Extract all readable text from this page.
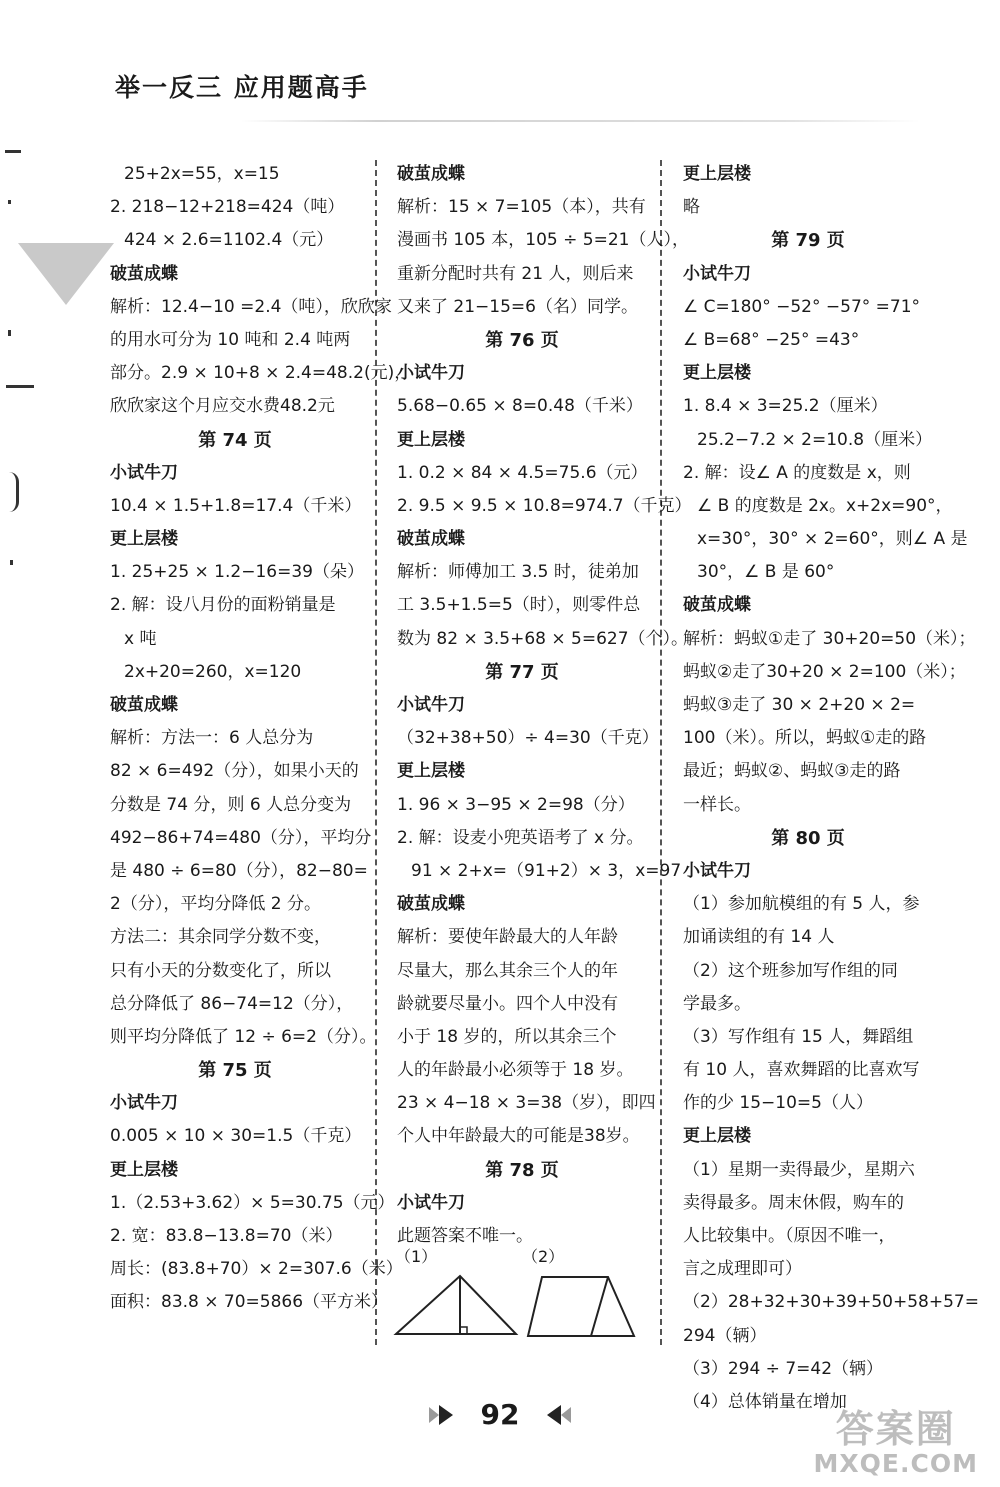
举一反三 应用题高手
25+2x=55，x=15
2. 218−12+218=424（吨）
424 × 2.6=1102.4（元）
破茧成蝶
解析：12.4−10 =2.4（吨），欣欣家
的用水可分为 10 吨和 2.4 吨两
部分。2.9 × 10+8 × 2.4=48.2(元)，
欣欣家这个月应交水费48.2元
第 74 页
小试牛刀
10.4 × 1.5+1.8=17.4（千米）
更上层楼
1. 25+25 × 1.2−16=39（朵）
2. 解：设八月份的面粉销量是
x 吨
2x+20=260，x=120
破茧成蝶
解析：方法一：6 人总分为
82 × 6=492（分），如果小天的
分数是 74 分，则 6 人总分变为
492−86+74=480（分），平均分
是 480 ÷ 6=80（分），82−80=
2（分），平均分降低 2 分。
方法二：其余同学分数不变，
只有小天的分数变化了，所以
总分降低了 86−74=12（分），
则平均分降低了 12 ÷ 6=2（分）。
第 75 页
小试牛刀
0.005 × 10 × 30=1.5（千克）
更上层楼
1.（2.53+3.62）× 5=30.75（元）
2. 宽：83.8−13.8=70（米）
周长：(83.8+70）× 2=307.6（米）
面积：83.8 × 70=5866（平方米）
破茧成蝶
解析：15 × 7=105（本），共有
漫画书 105 本，105 ÷ 5=21（人），
重新分配时共有 21 人，则后来
又来了 21−15=6（名）同学。
第 76 页
小试牛刀
5.68−0.65 × 8=0.48（千米）
更上层楼
1. 0.2 × 84 × 4.5=75.6（元）
2. 9.5 × 9.5 × 10.8=974.7（千克）
破茧成蝶
解析：师傅加工 3.5 时，徒弟加
工 3.5+1.5=5（时），则零件总
数为 82 × 3.5+68 × 5=627（个）。
第 77 页
小试牛刀
（32+38+50）÷ 4=30（千克）
更上层楼
1. 96 × 3−95 × 2=98（分）
2. 解：设麦小兜英语考了 x 分。
91 × 2+x=（91+2）× 3，x=97
破茧成蝶
解析：要使年龄最大的人年龄
尽量大，那么其余三个人的年
龄就要尽量小。四个人中没有
小于 18 岁的，所以其余三个
人的年龄最小必须等于 18 岁。
23 × 4−18 × 3=38（岁），即四
个人中年龄最大的可能是38岁。
第 78 页
小试牛刀
此题答案不唯一。
更上层楼
略
第 79 页
小试牛刀
∠ C=180° −52° −57° =71°
∠ B=68° −25° =43°
更上层楼
1. 8.4 × 3=25.2（厘米）
25.2−7.2 × 2=10.8（厘米）
2. 解：设∠ A 的度数是 x，则
∠ B 的度数是 2x。x+2x=90°，
x=30°，30° × 2=60°，则∠ A 是
30°，∠ B 是 60°
破茧成蝶
解析：蚂蚁①走了 30+20=50（米）；
蚂蚁②走了30+20 × 2=100（米）；
蚂蚁③走了 30 × 2+20 × 2=
100（米）。所以，蚂蚁①走的路
最近；蚂蚁②、蚂蚁③走的路
一样长。
第 80 页
小试牛刀
（1）参加航模组的有 5 人，参
加诵读组的有 14 人
（2）这个班参加写作组的同
学最多。
（3）写作组有 15 人，舞蹈组
有 10 人，喜欢舞蹈的比喜欢写
作的少 15−10=5（人）
更上层楼
（1）星期一卖得最少，星期六
卖得最多。周末休假，购车的
人比较集中。（原因不唯一，
言之成理即可）
（2）28+32+30+39+50+58+57=
294（辆）
（3）294 ÷ 7=42（辆）
（4）总体销量在增加
（1）	（2）
92	答案圈
MXQE.COM
